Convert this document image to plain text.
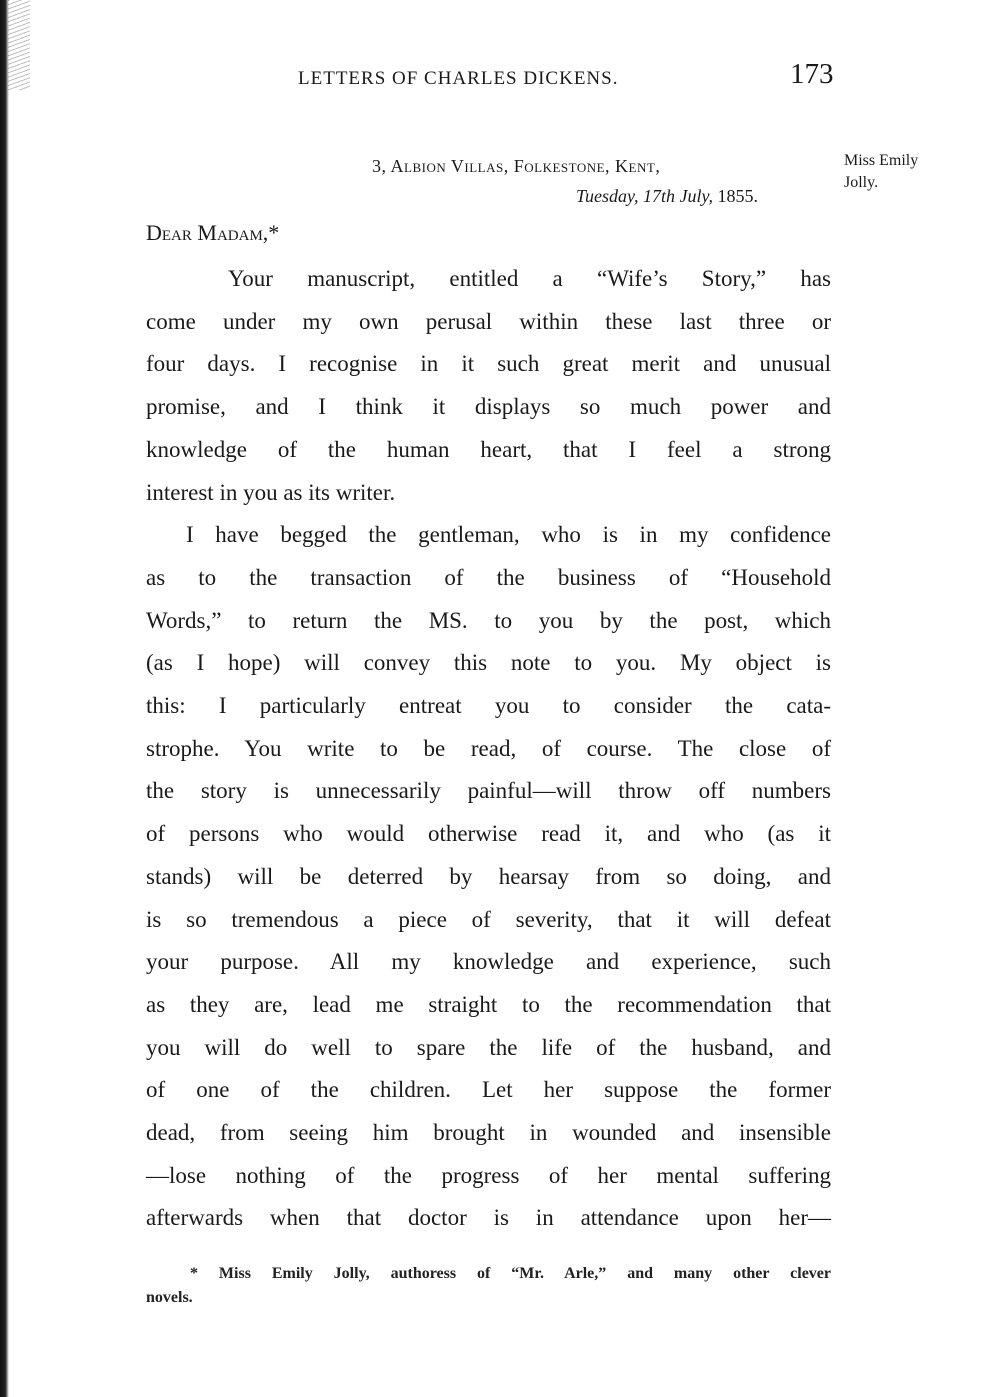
LETTERS OF CHARLES DICKENS.	173
3, Albion Villas, Folkestone, Kent,
Tuesday, 17th July, 1855.
Miss Emily Jolly.
Dear Madam,*
Your manuscript, entitled a “Wife’s Story,” has
come under my own perusal within these last three or
four days. I recognise in it such great merit and unusual
promise, and I think it displays so much power and
knowledge of the human heart, that I feel a strong
interest in you as its writer.
I have begged the gentleman, who is in my confidence
as to the transaction of the business of “Household
Words,” to return the MS. to you by the post, which
(as I hope) will convey this note to you. My object is
this: I particularly entreat you to consider the cata-
strophe. You write to be read, of course. The close of
the story is unnecessarily painful—will throw off numbers
of persons who would otherwise read it, and who (as it
stands) will be deterred by hearsay from so doing, and
is so tremendous a piece of severity, that it will defeat
your purpose. All my knowledge and experience, such
as they are, lead me straight to the recommendation that
you will do well to spare the life of the husband, and
of one of the children. Let her suppose the former
dead, from seeing him brought in wounded and insensible
—lose nothing of the progress of her mental suffering
afterwards when that doctor is in attendance upon her—
* Miss Emily Jolly, authoress of “Mr. Arle,” and many other clever
novels.
